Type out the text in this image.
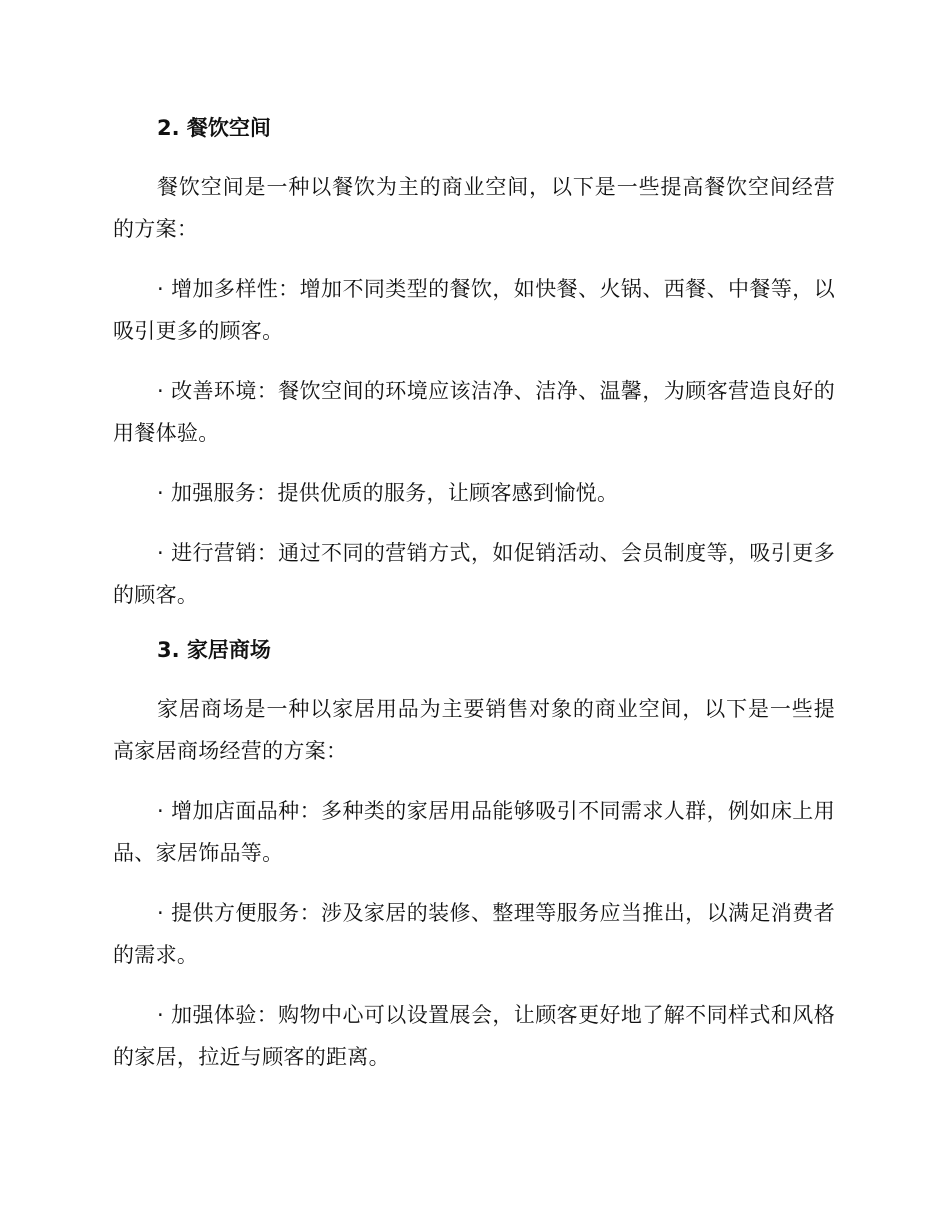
2. 餐饮空间

餐饮空间是一种以餐饮为主的商业空间，以下是一些提高餐饮空间经营的方案：

· 增加多样性：增加不同类型的餐饮，如快餐、火锅、西餐、中餐等，以吸引更多的顾客。

· 改善环境：餐饮空间的环境应该洁净、洁净、温馨，为顾客营造良好的用餐体验。

· 加强服务：提供优质的服务，让顾客感到愉悦。

· 进行营销：通过不同的营销方式，如促销活动、会员制度等，吸引更多的顾客。

3. 家居商场

家居商场是一种以家居用品为主要销售对象的商业空间，以下是一些提高家居商场经营的方案：

· 增加店面品种：多种类的家居用品能够吸引不同需求人群，例如床上用品、家居饰品等。

· 提供方便服务：涉及家居的装修、整理等服务应当推出，以满足消费者的需求。

· 加强体验：购物中心可以设置展会，让顾客更好地了解不同样式和风格的家居，拉近与顾客的距离。
